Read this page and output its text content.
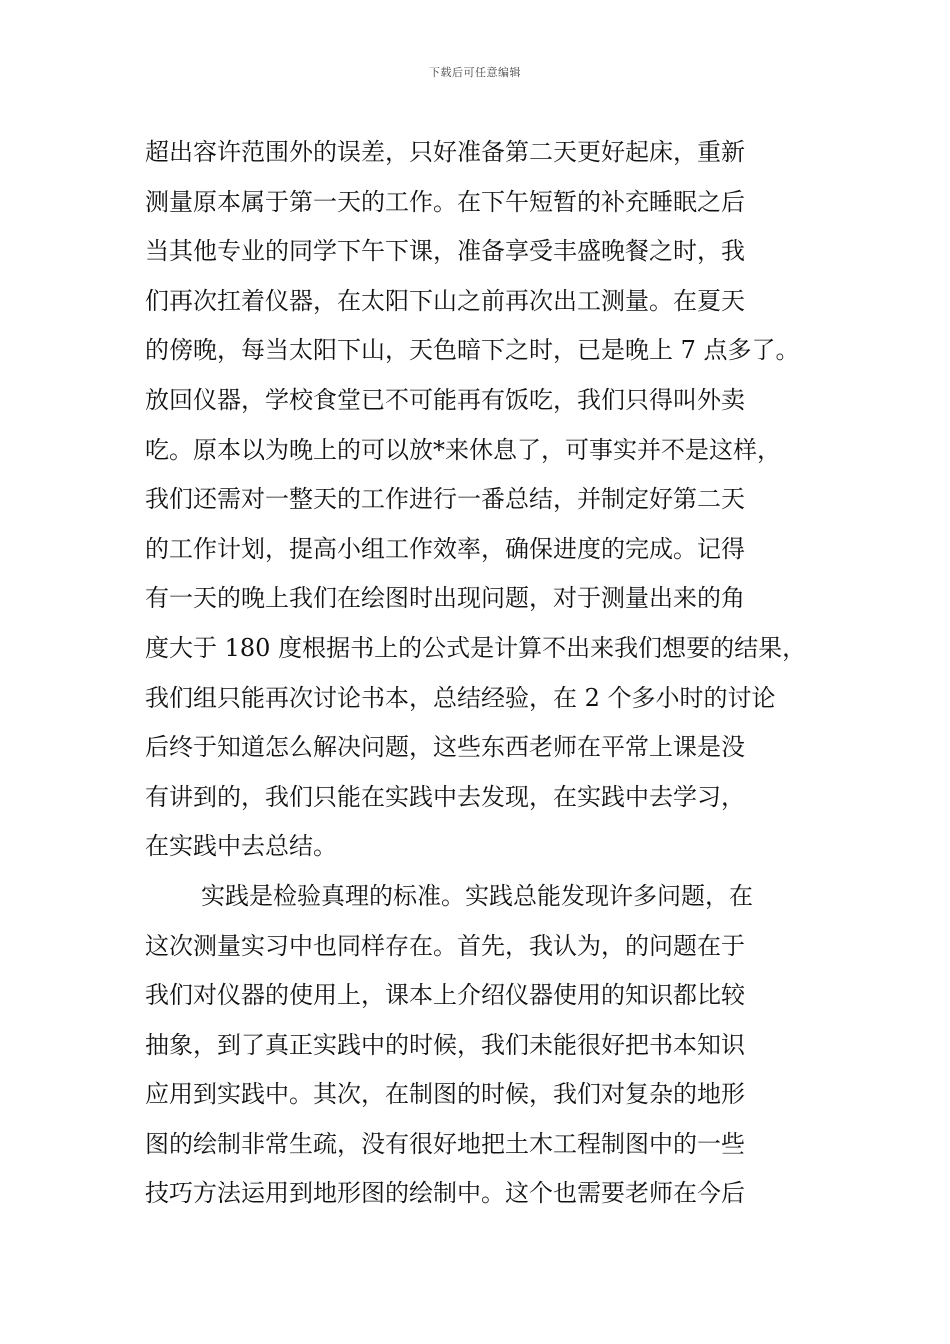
下载后可任意编辑
超出容许范围外的误差，只好准备第二天更好起床，重新
测量原本属于第一天的工作。在下午短暂的补充睡眠之后
当其他专业的同学下午下课，准备享受丰盛晚餐之时，我
们再次扛着仪器，在太阳下山之前再次出工测量。在夏天
的傍晚，每当太阳下山，天色暗下之时，已是晚上 7 点多了。
放回仪器，学校食堂已不可能再有饭吃，我们只得叫外卖
吃。原本以为晚上的可以放*来休息了，可事实并不是这样，
我们还需对一整天的工作进行一番总结，并制定好第二天
的工作计划，提高小组工作效率，确保进度的完成。记得
有一天的晚上我们在绘图时出现问题，对于测量出来的角
度大于 180 度根据书上的公式是计算不出来我们想要的结果，
我们组只能再次讨论书本，总结经验，在 2 个多小时的讨论
后终于知道怎么解决问题，这些东西老师在平常上课是没
有讲到的，我们只能在实践中去发现，在实践中去学习，
在实践中去总结。
实践是检验真理的标准。实践总能发现许多问题，在
这次测量实习中也同样存在。首先，我认为，的问题在于
我们对仪器的使用上，课本上介绍仪器使用的知识都比较
抽象，到了真正实践中的时候，我们未能很好把书本知识
应用到实践中。其次，在制图的时候，我们对复杂的地形
图的绘制非常生疏，没有很好地把土木工程制图中的一些
技巧方法运用到地形图的绘制中。这个也需要老师在今后
